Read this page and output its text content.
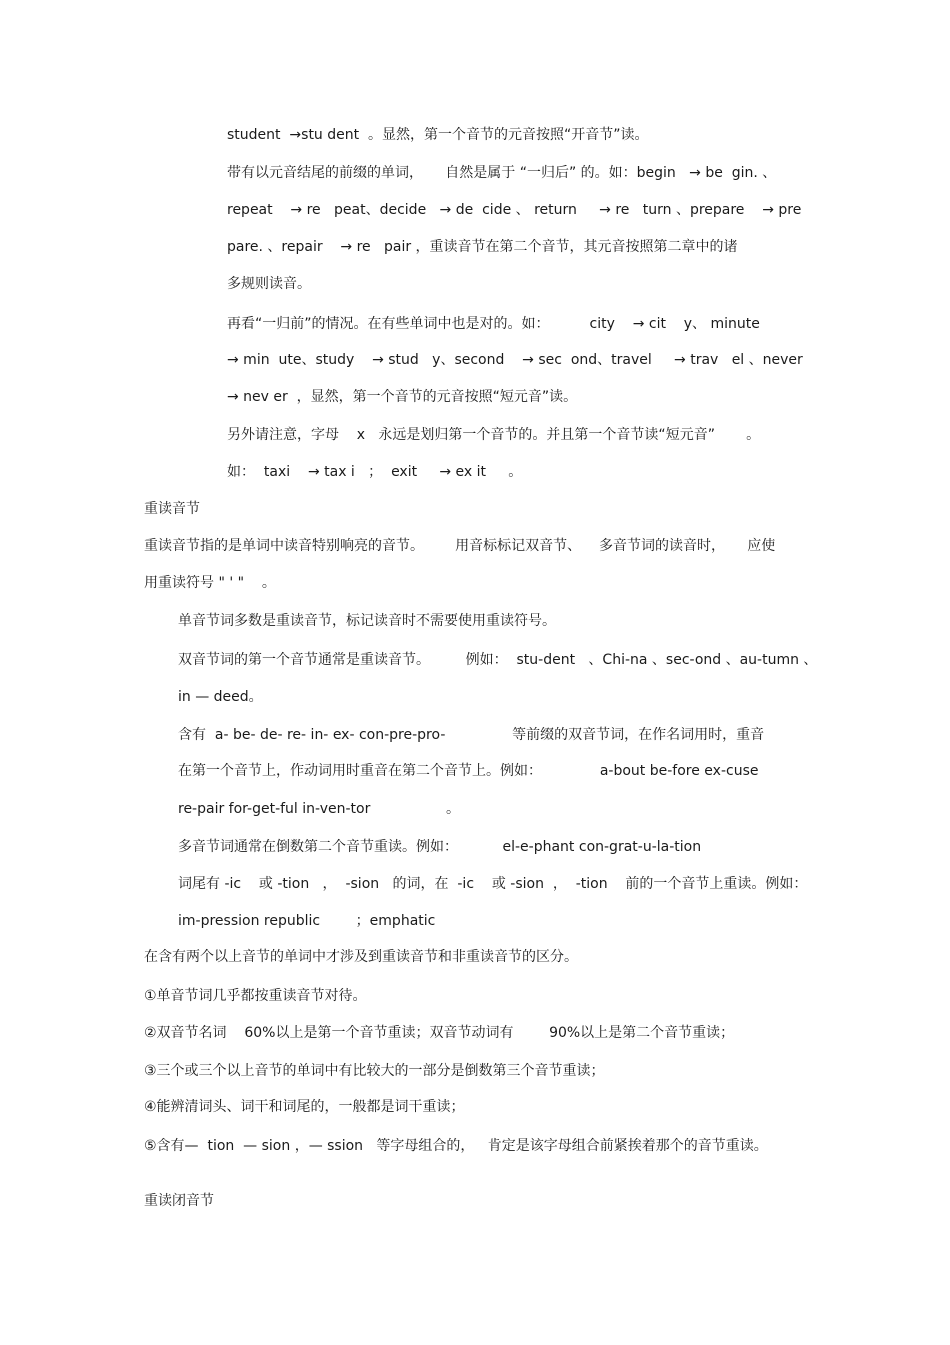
student  →stu dent  。显然，第一个音节的元音按照“开音节”读。
带有以元音结尾的前缀的单词，     自然是属于 “一归后” 的。如：begin   → be  gin. 、
repeat    → re   peat、decide   → de  cide 、 return     → re   turn 、prepare    → pre
pare. 、repair    → re   pair ，重读音节在第二个音节，其元音按照第二章中的诸
多规则读音。
再看“一归前”的情况。在有些单词中也是对的。如：         city    → cit    y、 minute
→ min  ute、study    → stud   y、second    → sec  ond、travel     → trav   el 、never
→ nev er  ，显然，第一个音节的元音按照“短元音”读。
另外请注意，字母    x   永远是划归第一个音节的。并且第一个音节读“短元音”       。
如：  taxi    → tax i   ；  exit     → ex it     。
重读音节
重读音节指的是单词中读音特别响亮的音节。       用音标标记双音节、    多音节词的读音时，     应使
用重读符号 " ' "    。
单音节词多数是重读音节，标记读音时不需要使用重读符号。
双音节词的第一个音节通常是重读音节。        例如：  stu-dent   、Chi-na 、sec-ond 、au-tumn 、
in — deed。
含有  a- be- de- re- in- ex- con-pre-pro-               等前缀的双音节词，在作名词用时，重音
在第一个音节上，作动词用时重音在第二个音节上。例如：             a-bout be-fore ex-cuse
re-pair for-get-ful in-ven-tor                 。
多音节词通常在倒数第二个音节重读。例如：          el-e-phant con-grat-u-la-tion
词尾有 -ic    或 -tion   ，  -sion   的词，在  -ic    或 -sion  ，  -tion    前的一个音节上重读。例如：
im-pression republic        ；emphatic
在含有两个以上音节的单词中才涉及到重读音节和非重读音节的区分。
①单音节词几乎都按重读音节对待。
②双音节名词    60%以上是第一个音节重读；双音节动词有        90%以上是第二个音节重读；
③三个或三个以上音节的单词中有比较大的一部分是倒数第三个音节重读；
④能辨清词头、词干和词尾的，一般都是词干重读；
⑤含有—  tion  — sion ，— ssion   等字母组合的，   肯定是该字母组合前紧挨着那个的音节重读。
重读闭音节
